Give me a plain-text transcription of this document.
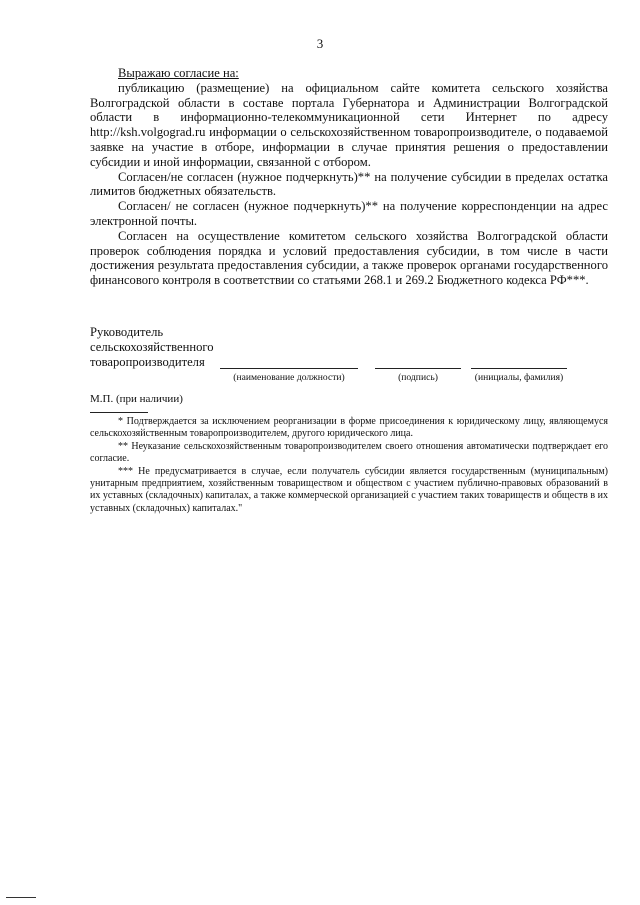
3

Выражаю согласие на:

публикацию (размещение) на официальном сайте комитета сельского хозяйства Волгоградской области в составе портала Губернатора и Администрации Волгоградской области в информационно-телекоммуникационной сети Интернет по адресу http://ksh.volgograd.ru информации о сельскохозяйственном товаропроизводителе, о подаваемой заявке на участие в отборе, информации в случае принятия решения о предоставлении субсидии и иной информации, связанной с отбором.

Согласен/не согласен (нужное подчеркнуть)** на получение субсидии в пределах остатка лимитов бюджетных обязательств.

Согласен/ не согласен (нужное подчеркнуть)** на получение корреспонденции на адрес электронной почты.

Согласен на осуществление комитетом сельского хозяйства Волгоградской области проверок соблюдения порядка и условий предоставления субсидии, в том числе в части достижения результата предоставления субсидии, а также проверок органами государственного финансового контроля в соответствии со статьями 268.1 и 269.2 Бюджетного кодекса РФ***.

Руководитель
сельскохозяйственного
товаропроизводителя
(наименование должности)	(подпись)	(инициалы, фамилия)
М.П. (при наличии)

* Подтверждается за исключением реорганизации в форме присоединения к юридическому лицу, являющемуся сельскохозяйственным товаропроизводителем, другого юридического лица.

** Неуказание сельскохозяйственным товаропроизводителем своего отношения автоматически подтверждает его согласие.

*** Не предусматривается в случае, если получатель субсидии является государственным (муниципальным) унитарным предприятием, хозяйственным товариществом и обществом с участием публично-правовых образований в их уставных (складочных) капиталах, а также коммерческой организацией с участием таких товариществ и обществ в их уставных (складочных) капиталах."
